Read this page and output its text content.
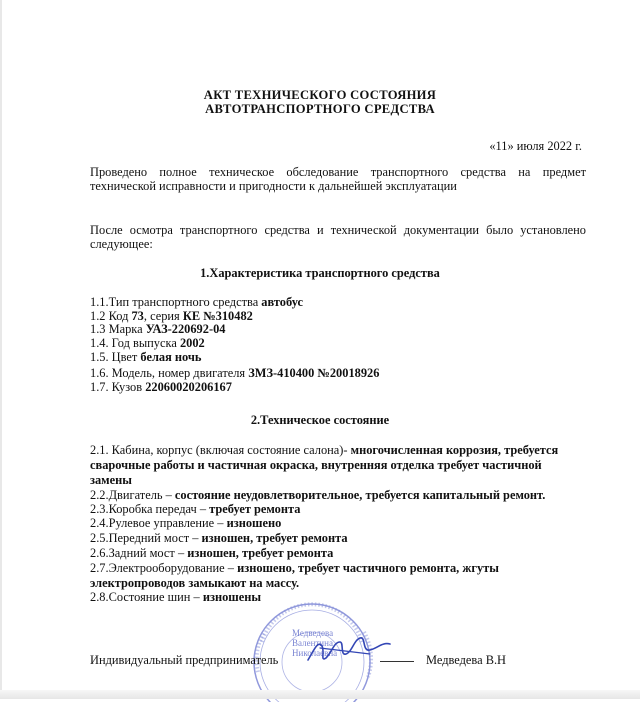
АКТ ТЕХНИЧЕСКОГО СОСТОЯНИЯ
АВТОТРАНСПОРТНОГО СРЕДСТВА
«11» июля 2022 г.
Проведено полное техническое обследование транспортного средства на предмет технической исправности и пригодности к дальнейшей эксплуатации
После осмотра транспортного средства и технической документации было установлено следующее:
1.Характеристика транспортного средства
1.1.Тип транспортного средства автобус
1.2 Код 73, серия КЕ №310482
1.3 Марка УАЗ-220692-04
1.4. Год выпуска 2002
1.5. Цвет белая ночь
1.6. Модель, номер двигателя ЗМЗ-410400 №20018926
1.7. Кузов 22060020206167
2.Техническое состояние
2.1. Кабина, корпус (включая состояние салона)- многочисленная коррозия, требуется
сварочные работы и частичная окраска, внутренняя отделка требует частичной
замены
2.2.Двигатель – состояние неудовлетворительное, требуется капитальный ремонт.
2.3.Коробка передач – требует ремонта
2.4.Рулевое управление – изношено
2.5.Передний мост – изношен, требует ремонта
2.6.Задний мост – изношен, требует ремонта
2.7.Электрооборудование – изношено, требует частичного ремонта, жгуты
электропроводов замыкают на массу.
2.8.Состояние шин – изношены
Медведева Валентина Николаевна
Индивидуальный предприниматель	Медведева В.Н
